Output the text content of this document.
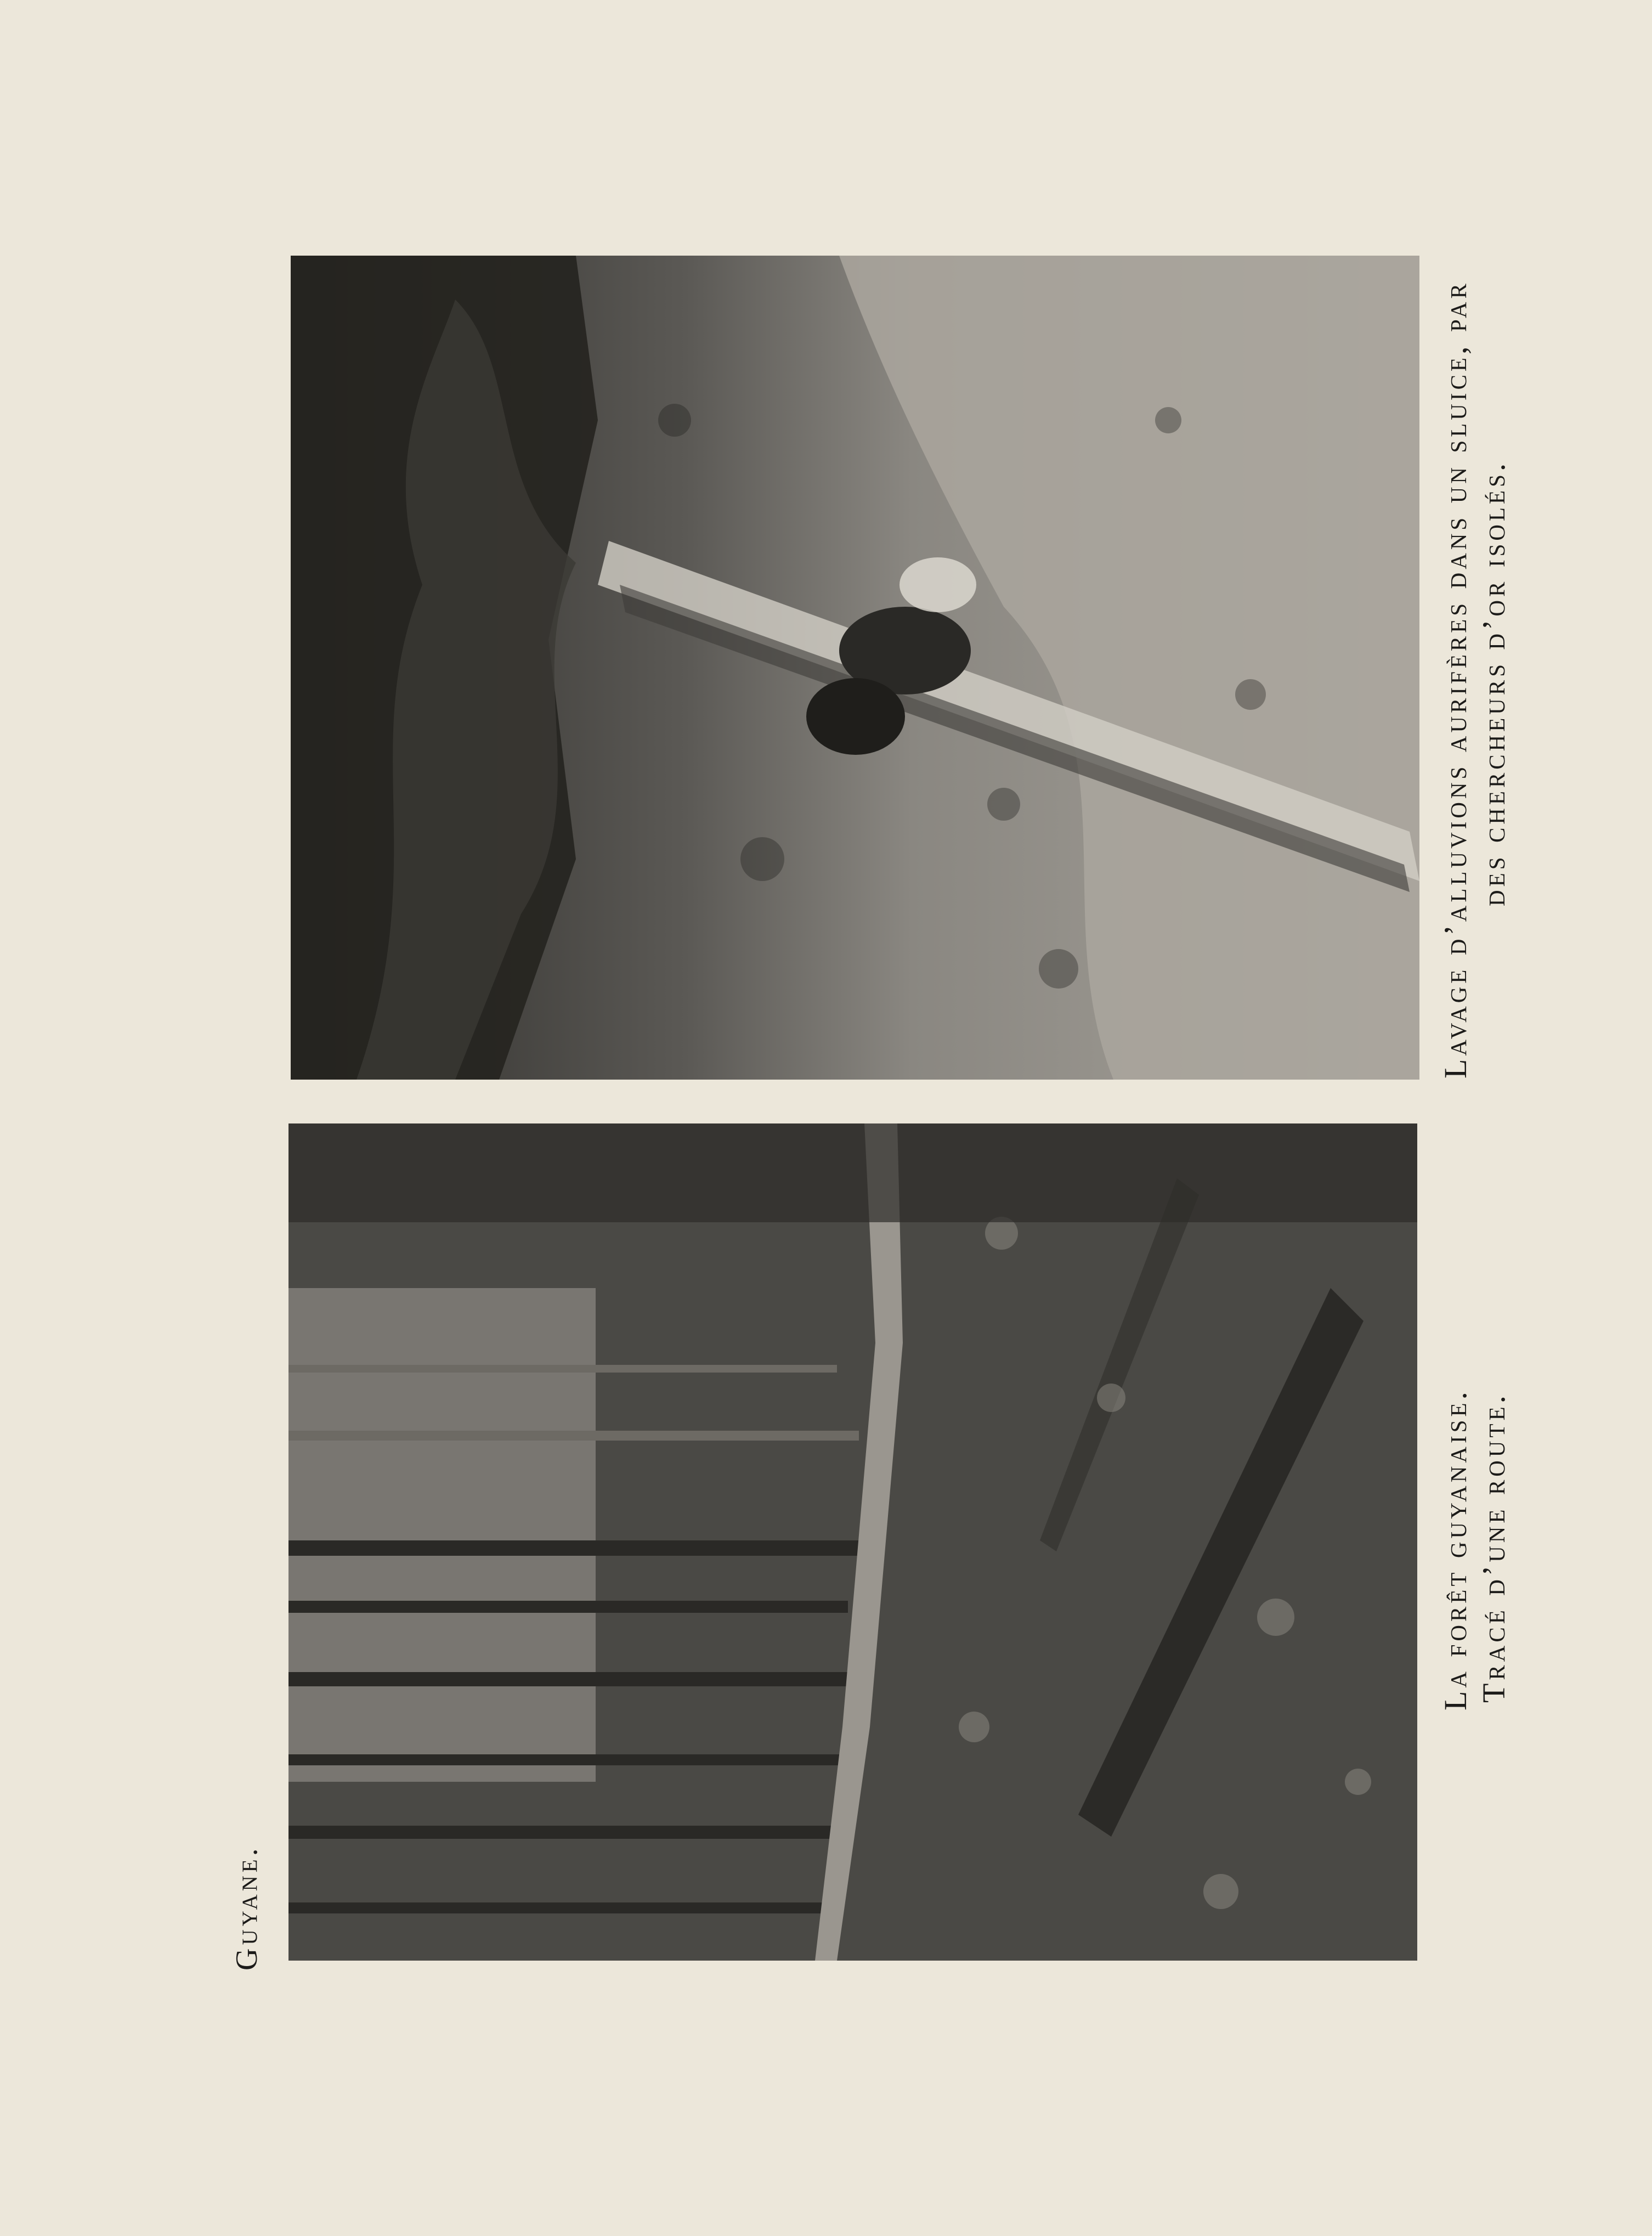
Guyane.
Lavage d’alluvions aurifères dans un sluice, par des chercheurs d’or isolés.
La forêt guyanaise. Tracé d’une route.
